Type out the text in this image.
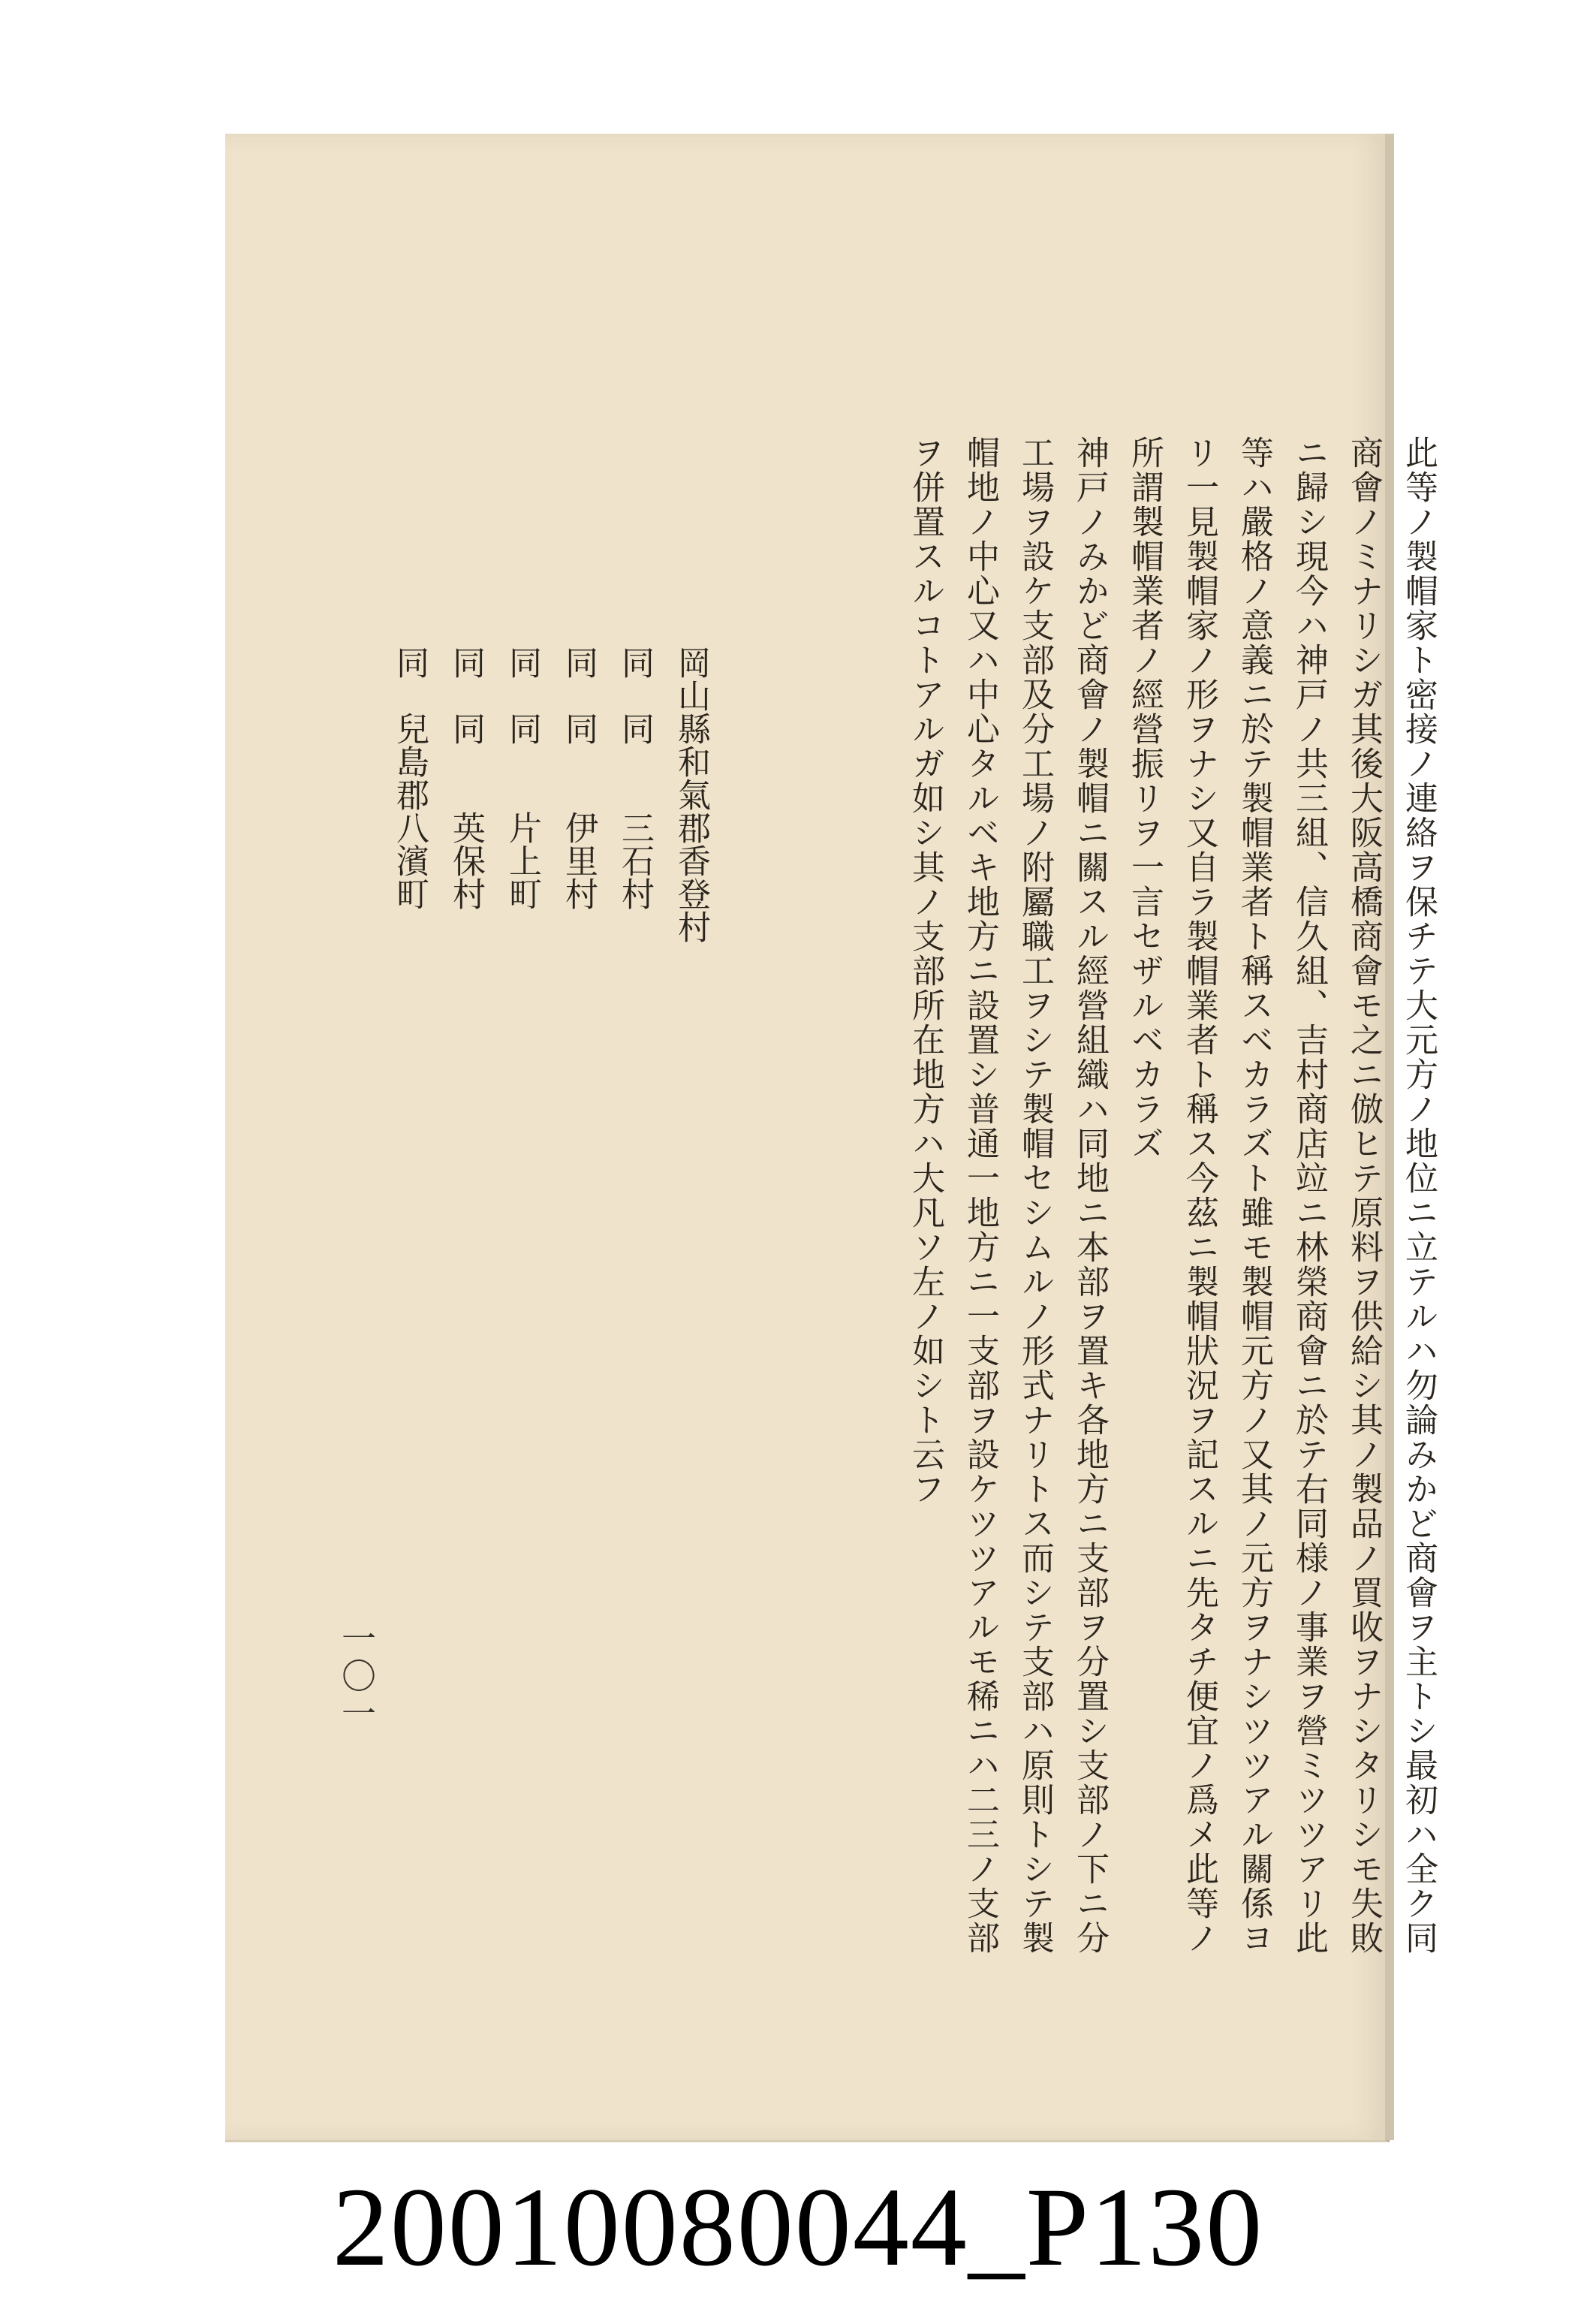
此等ノ製帽家ト密接ノ連絡ヲ保チテ大元方ノ地位ニ立テルハ勿論みかど商會ヲ主トシ最初ハ全ク同

商會ノミナリシガ其後大阪高橋商會モ之ニ倣ヒテ原料ヲ供給シ其ノ製品ノ買收ヲナシタリシモ失敗

ニ歸シ現今ハ神戸ノ共三組、信久組、吉村商店竝ニ林榮商會ニ於テ右同様ノ事業ヲ營ミツツアリ此

等ハ嚴格ノ意義ニ於テ製帽業者ト稱スベカラズト雖モ製帽元方ノ又其ノ元方ヲナシツツアル關係ヨ

リ一見製帽家ノ形ヲナシ又自ラ製帽業者ト稱ス今茲ニ製帽狀況ヲ記スルニ先タチ便宜ノ爲メ此等ノ

所謂製帽業者ノ經營振リヲ一言セザルベカラズ

神戸ノみかど商會ノ製帽ニ關スル經營組織ハ同地ニ本部ヲ置キ各地方ニ支部ヲ分置シ支部ノ下ニ分

工場ヲ設ケ支部及分工場ノ附屬職工ヲシテ製帽セシムルノ形式ナリトス而シテ支部ハ原則トシテ製

帽地ノ中心又ハ中心タルベキ地方ニ設置シ普通一地方ニ一支部ヲ設ケツツアルモ稀ニハ二三ノ支部

ヲ併置スルコトアルガ如シ其ノ支部所在地方ハ大凡ソ左ノ如シト云フ

岡山縣和氣郡香登村

同　同　　三石村

同　同　　伊里村

同　同　　片上町

同　同　　英保村

同　兒島郡八濱町

一〇一
20010080044_P130
